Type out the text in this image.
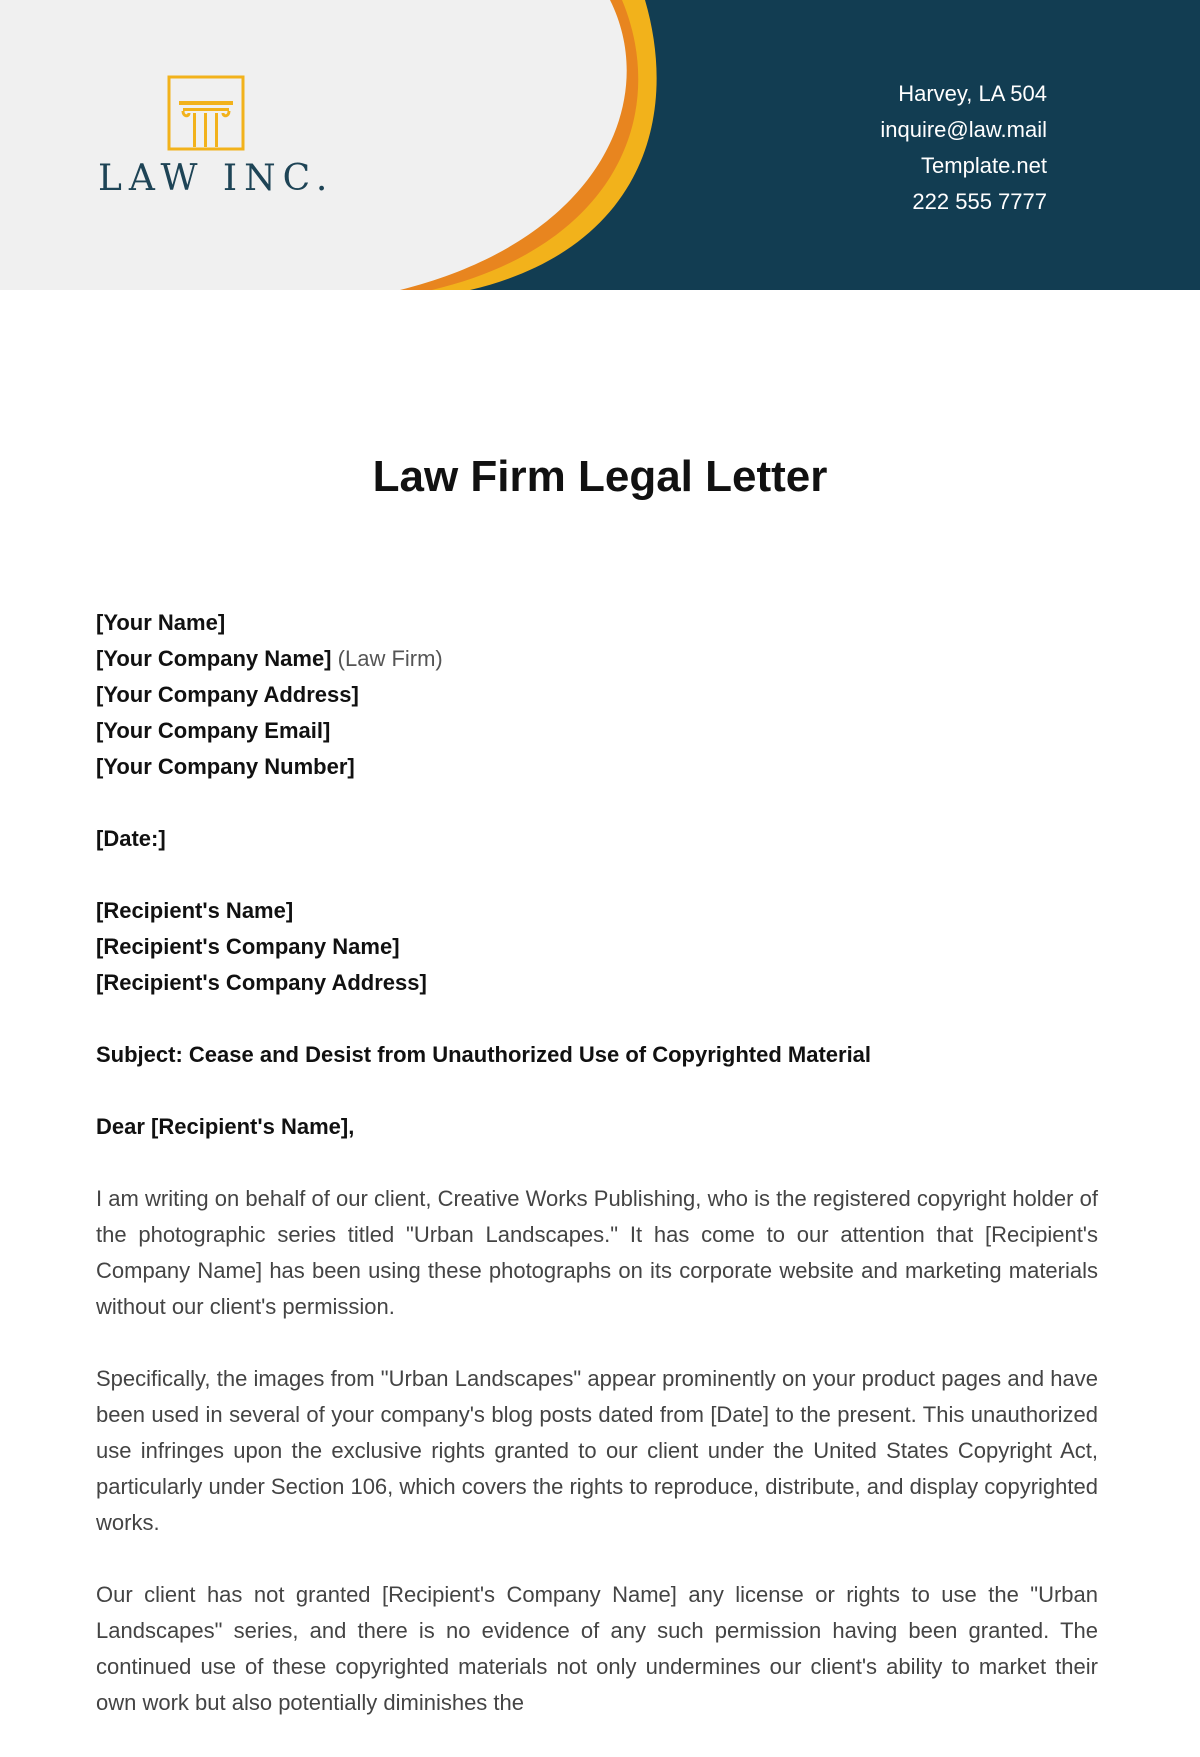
LAW INC.
Harvey, LA 504
inquire@law.mail
Template.net
222 555 7777
Law Firm Legal Letter
[Your Name]
[Your Company Name] (Law Firm)
[Your Company Address]
[Your Company Email]
[Your Company Number]
[Date:]
[Recipient's Name]
[Recipient's Company Name]
[Recipient's Company Address]
Subject: Cease and Desist from Unauthorized Use of Copyrighted Material
Dear [Recipient's Name],

I am writing on behalf of our client, Creative Works Publishing, who is the registered copyright holder of the photographic series titled "Urban Landscapes." It has come to our attention that [Recipient's Company Name] has been using these photographs on its corporate website and marketing materials without our client's permission.

Specifically, the images from "Urban Landscapes" appear prominently on your product pages and have been used in several of your company's blog posts dated from [Date] to the present. This unauthorized use infringes upon the exclusive rights granted to our client under the United States Copyright Act, particularly under Section 106, which covers the rights to reproduce, distribute, and display copyrighted works.

Our client has not granted [Recipient's Company Name] any license or rights to use the "Urban Landscapes" series, and there is no evidence of any such permission having been granted. The continued use of these copyrighted materials not only undermines our client's ability to market their own work but also potentially diminishes the
